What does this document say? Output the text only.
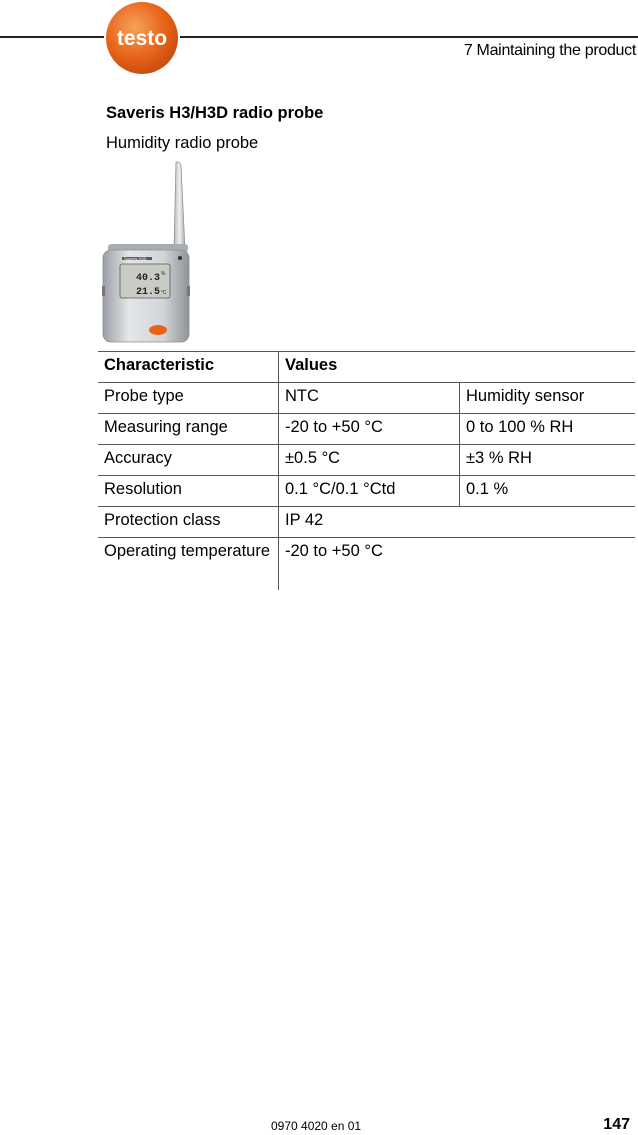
testo
7 Maintaining the product
Saveris H3/H3D radio probe
Humidity radio probe
Saveris H3D
40.3 %
21.5 °C
Characteristic	Values	
Probe type	NTC	Humidity sensor
Measuring range	-20 to +50 °C	0 to 100 % RH
Accuracy	±0.5 °C	±3 % RH
Resolution	0.1 °C/0.1 °Ctd	0.1 %
Protection class	IP 42	
Operating temperature	-20 to +50 °C	
0970 4020 en 01	147
